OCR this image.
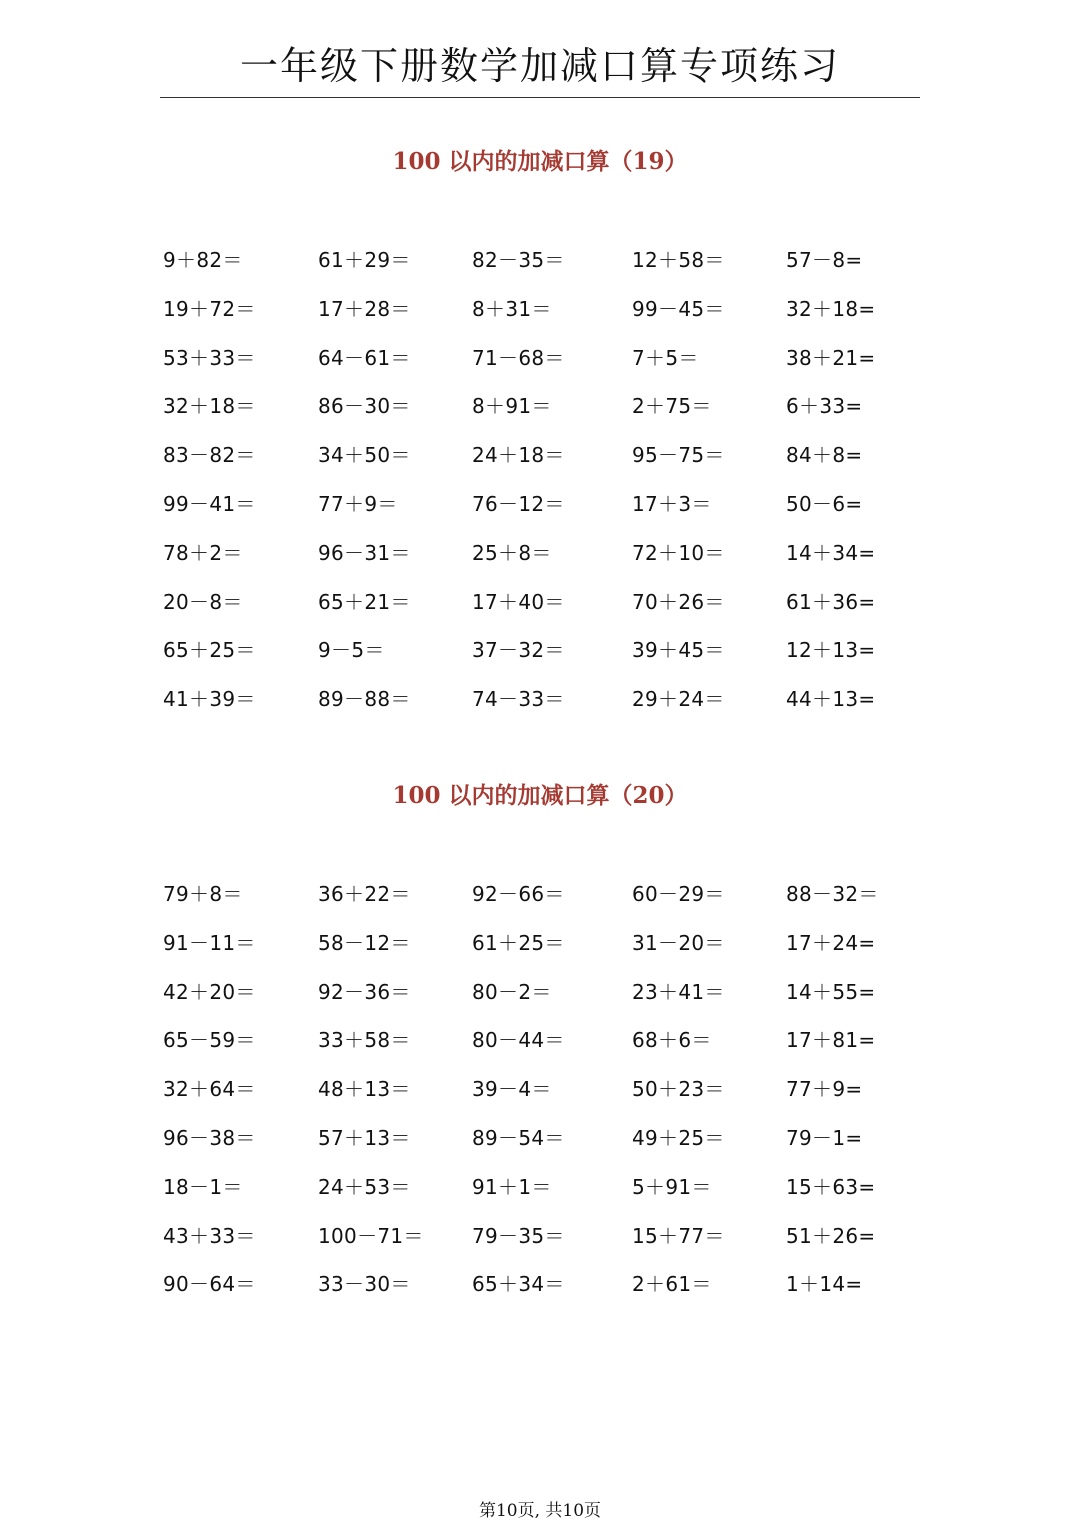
一年级下册数学加减口算专项练习
100 以内的加减口算（19）
9＋82＝	61＋29＝	82－35＝	12＋58＝	57－8=
19＋72＝	17＋28＝	8＋31＝	99－45＝	32＋18=
53＋33＝	64－61＝	71－68＝	7＋5＝	38＋21=
32＋18＝	86－30＝	8＋91＝	2＋75＝	6＋33=
83－82＝	34＋50＝	24＋18＝	95－75＝	84＋8=
99－41＝	77＋9＝	76－12＝	17＋3＝	50－6=
78＋2＝	96－31＝	25＋8＝	72＋10＝	14＋34=
20－8＝	65＋21＝	17＋40＝	70＋26＝	61＋36=
65＋25＝	9－5＝	37－32＝	39＋45＝	12＋13=
41＋39＝	89－88＝	74－33＝	29＋24＝	44＋13=
100 以内的加减口算（20）
79＋8＝	36＋22＝	92－66＝	60－29＝	88－32＝
91－11＝	58－12＝	61＋25＝	31－20＝	17＋24=
42＋20＝	92－36＝	80－2＝	23＋41＝	14＋55=
65－59＝	33＋58＝	80－44＝	68＋6＝	17＋81=
32＋64＝	48＋13＝	39－4＝	50＋23＝	77＋9=
96－38＝	57＋13＝	89－54＝	49＋25＝	79－1=
18－1＝	24＋53＝	91＋1＝	5＋91＝	15＋63=
43＋33＝	100－71＝ 79－35＝	15＋77＝	51＋26=
90－64＝	33－30＝	65＋34＝	2＋61＝	1＋14=
第10页, 共10页
